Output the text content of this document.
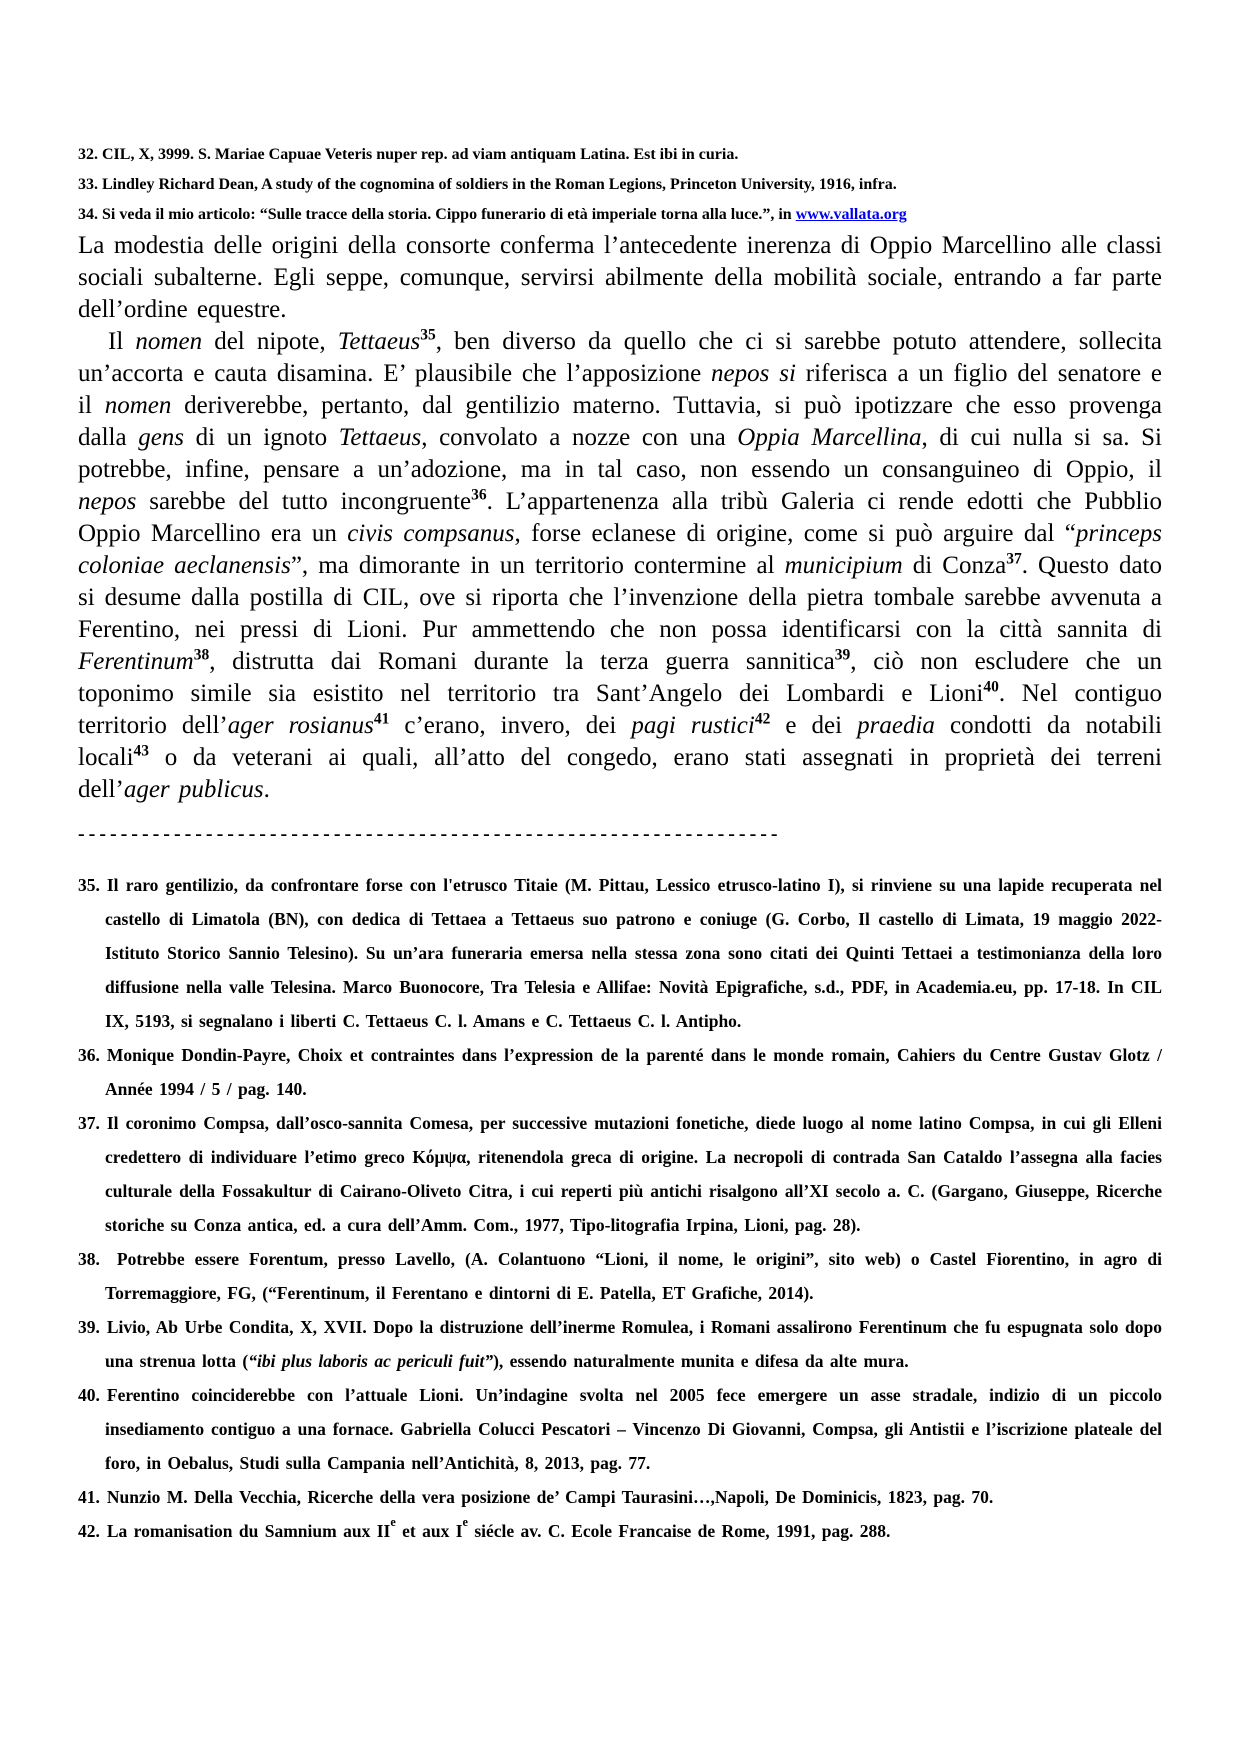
32. CIL, X, 3999. S. Mariae Capuae Veteris nuper rep. ad viam antiquam Latina. Est ibi in curia.

33. Lindley Richard Dean, A study of the cognomina of soldiers in the Roman Legions, Princeton University, 1916, infra.

34. Si veda il mio articolo: “Sulle tracce della storia. Cippo funerario di età imperiale torna alla luce.”, in www.vallata.org

La modestia delle origini della consorte conferma l’antecedente inerenza di Oppio Marcellino alle classi sociali subalterne. Egli seppe, comunque, servirsi abilmente della mobilità sociale, entrando a far parte dell’ordine equestre.

Il nomen del nipote, Tettaeus$^{35}$, ben diverso da quello che ci si sarebbe potuto attendere, sollecita un’accorta e cauta disamina. E’ plausibile che l’apposizione nepos si riferisca a un figlio del senatore e il nomen deriverebbe, pertanto, dal gentilizio materno. Tuttavia, si può ipotizzare che esso provenga dalla gens di un ignoto Tettaeus, convolato a nozze con una Oppia Marcellina, di cui nulla si sa. Si potrebbe, infine, pensare a un’adozione, ma in tal caso, non essendo un consanguineo di Oppio, il nepos sarebbe del tutto incongruente$^{36}$. L’appartenenza alla tribù Galeria ci rende edotti che Pubblio Oppio Marcellino era un civis compsanus, forse eclanese di origine, come si può arguire dal “princeps coloniae aeclanensis”, ma dimorante in un territorio contermine al municipium di Conza$^{37}$. Questo dato si desume dalla postilla di CIL, ove si riporta che l’invenzione della pietra tombale sarebbe avvenuta a Ferentino, nei pressi di Lioni. Pur ammettendo che non possa identificarsi con la città sannita di Ferentinum$^{38}$, distrutta dai Romani durante la terza guerra sannitica$^{39}$, ciò non escludere che un toponimo simile sia esistito nel territorio tra Sant’Angelo dei Lombardi e Lioni$^{40}$. Nel contiguo territorio dell’ager rosianus$^{41}$ c’erano, invero, dei pagi rustici$^{42}$ e dei praedia condotti da notabili locali$^{43}$ o da veterani ai quali, all’atto del congedo, erano stati assegnati in proprietà dei terreni dell’ager publicus.

------------------------------------------------------------------

35. Il raro gentilizio, da confrontare forse con l'etrusco Titaie (M. Pittau, Lessico etrusco-latino I), si rinviene su una lapide recuperata nel castello di Limatola (BN), con dedica di Tettaea a Tettaeus suo patrono e coniuge (G. Corbo, Il castello di Limata, 19 maggio 2022-Istituto Storico Sannio Telesino). Su un’ara funeraria emersa nella stessa zona sono citati dei Quinti Tettaei a testimonianza della loro diffusione nella valle Telesina. Marco Buonocore, Tra Telesia e Allifae: Novità Epigrafiche, s.d., PDF, in Academia.eu, pp. 17-18. In CIL IX, 5193, si segnalano i liberti C. Tettaeus C. l. Amans e C. Tettaeus C. l. Antipho.

36. Monique Dondin-Payre, Choix et contraintes dans l’expression de la parenté dans le monde romain, Cahiers du Centre Gustav Glotz / Année 1994 / 5 / pag. 140.

37. Il coronimo Compsa, dall’osco-sannita Comesa, per successive mutazioni fonetiche, diede luogo al nome latino Compsa, in cui gli Elleni credettero di individuare l’etimo greco Κόμψα, ritenendola greca di origine. La necropoli di contrada San Cataldo l’assegna alla facies culturale della Fossakultur di Cairano-Oliveto Citra, i cui reperti più antichi risalgono all’XI secolo a. C. (Gargano, Giuseppe, Ricerche storiche su Conza antica, ed. a cura dell’Amm. Com., 1977, Tipo-litografia Irpina, Lioni, pag. 28).

38. Potrebbe essere Forentum, presso Lavello, (A. Colantuono “Lioni, il nome, le origini”, sito web) o Castel Fiorentino, in agro di Torremaggiore, FG, (“Ferentinum, il Ferentano e dintorni di E. Patella, ET Grafiche, 2014).

39. Livio, Ab Urbe Condita, X, XVII. Dopo la distruzione dell’inerme Romulea, i Romani assalirono Ferentinum che fu espugnata solo dopo una strenua lotta (“ibi plus laboris ac periculi fuit”), essendo naturalmente munita e difesa da alte mura.

40. Ferentino coinciderebbe con l’attuale Lioni. Un’indagine svolta nel 2005 fece emergere un asse stradale, indizio di un piccolo insediamento contiguo a una fornace. Gabriella Colucci Pescatori – Vincenzo Di Giovanni, Compsa, gli Antistii e l’iscrizione plateale del foro, in Oebalus, Studi sulla Campania nell’Antichità, 8, 2013, pag. 77.

41. Nunzio M. Della Vecchia, Ricerche della vera posizione de’ Campi Taurasini…,Napoli, De Dominicis, 1823, pag. 70.

42. La romanisation du Samnium aux IIe et aux Ie siécle av. C. Ecole Francaise de Rome, 1991, pag. 288.
